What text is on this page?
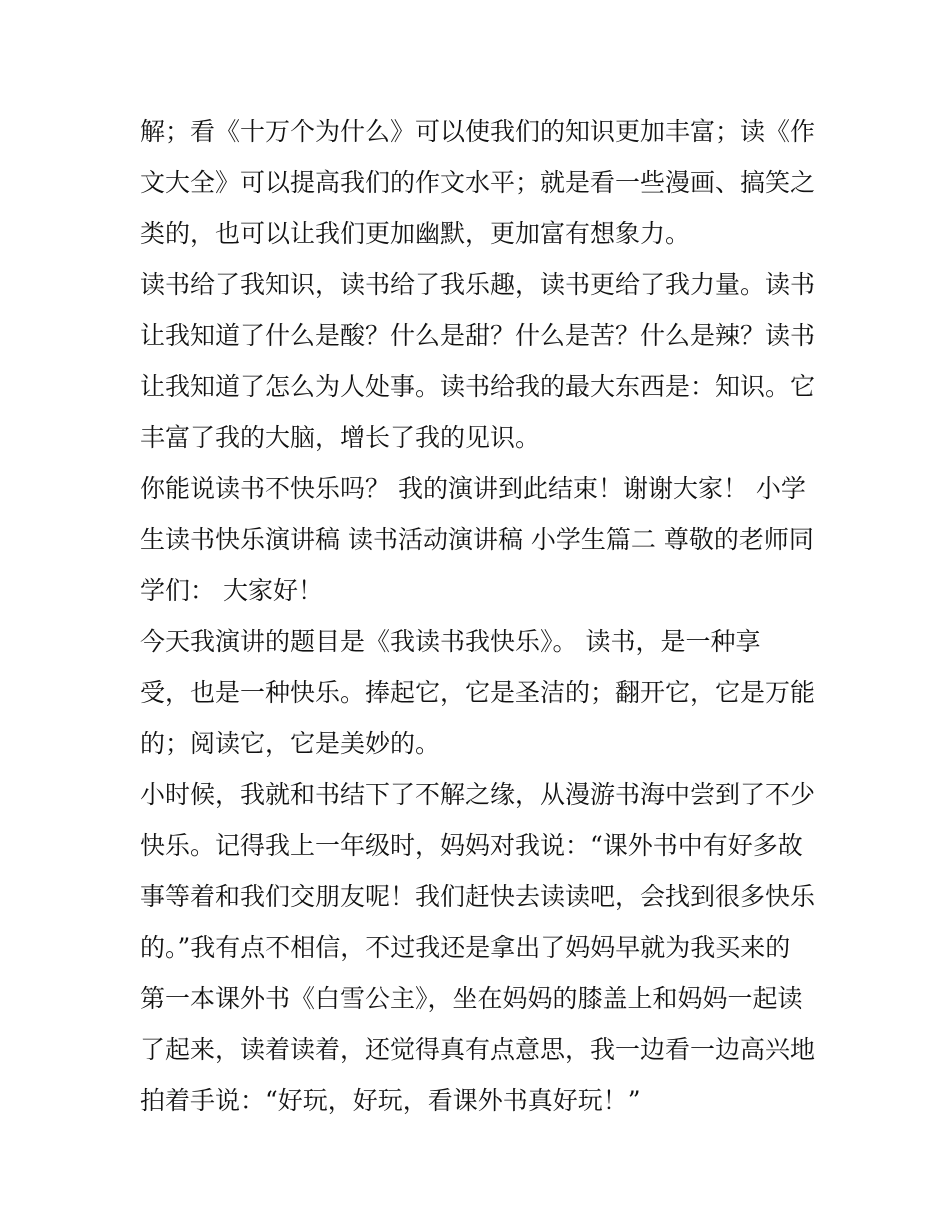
解；看《十万个为什么》可以使我们的知识更加丰富；读《作
文大全》可以提高我们的作文水平；就是看一些漫画、搞笑之
类的，也可以让我们更加幽默，更加富有想象力。
读书给了我知识，读书给了我乐趣，读书更给了我力量。读书
让我知道了什么是酸？什么是甜？什么是苦？什么是辣？读书
让我知道了怎么为人处事。读书给我的最大东西是：知识。它
丰富了我的大脑，增长了我的见识。
你能说读书不快乐吗？ 我的演讲到此结束！谢谢大家！ 小学
生读书快乐演讲稿 读书活动演讲稿 小学生篇二 尊敬的老师同
学们： 大家好！
今天我演讲的题目是《我读书我快乐》。 读书，是一种享
受，也是一种快乐。捧起它，它是圣洁的；翻开它，它是万能
的；阅读它，它是美妙的。
小时候，我就和书结下了不解之缘，从漫游书海中尝到了不少
快乐。记得我上一年级时，妈妈对我说：“课外书中有好多故
事等着和我们交朋友呢！我们赶快去读读吧，会找到很多快乐
的。”我有点不相信，不过我还是拿出了妈妈早就为我买来的
第一本课外书《白雪公主》，坐在妈妈的膝盖上和妈妈一起读
了起来，读着读着，还觉得真有点意思，我一边看一边高兴地
拍着手说：“好玩，好玩，看课外书真好玩！”
